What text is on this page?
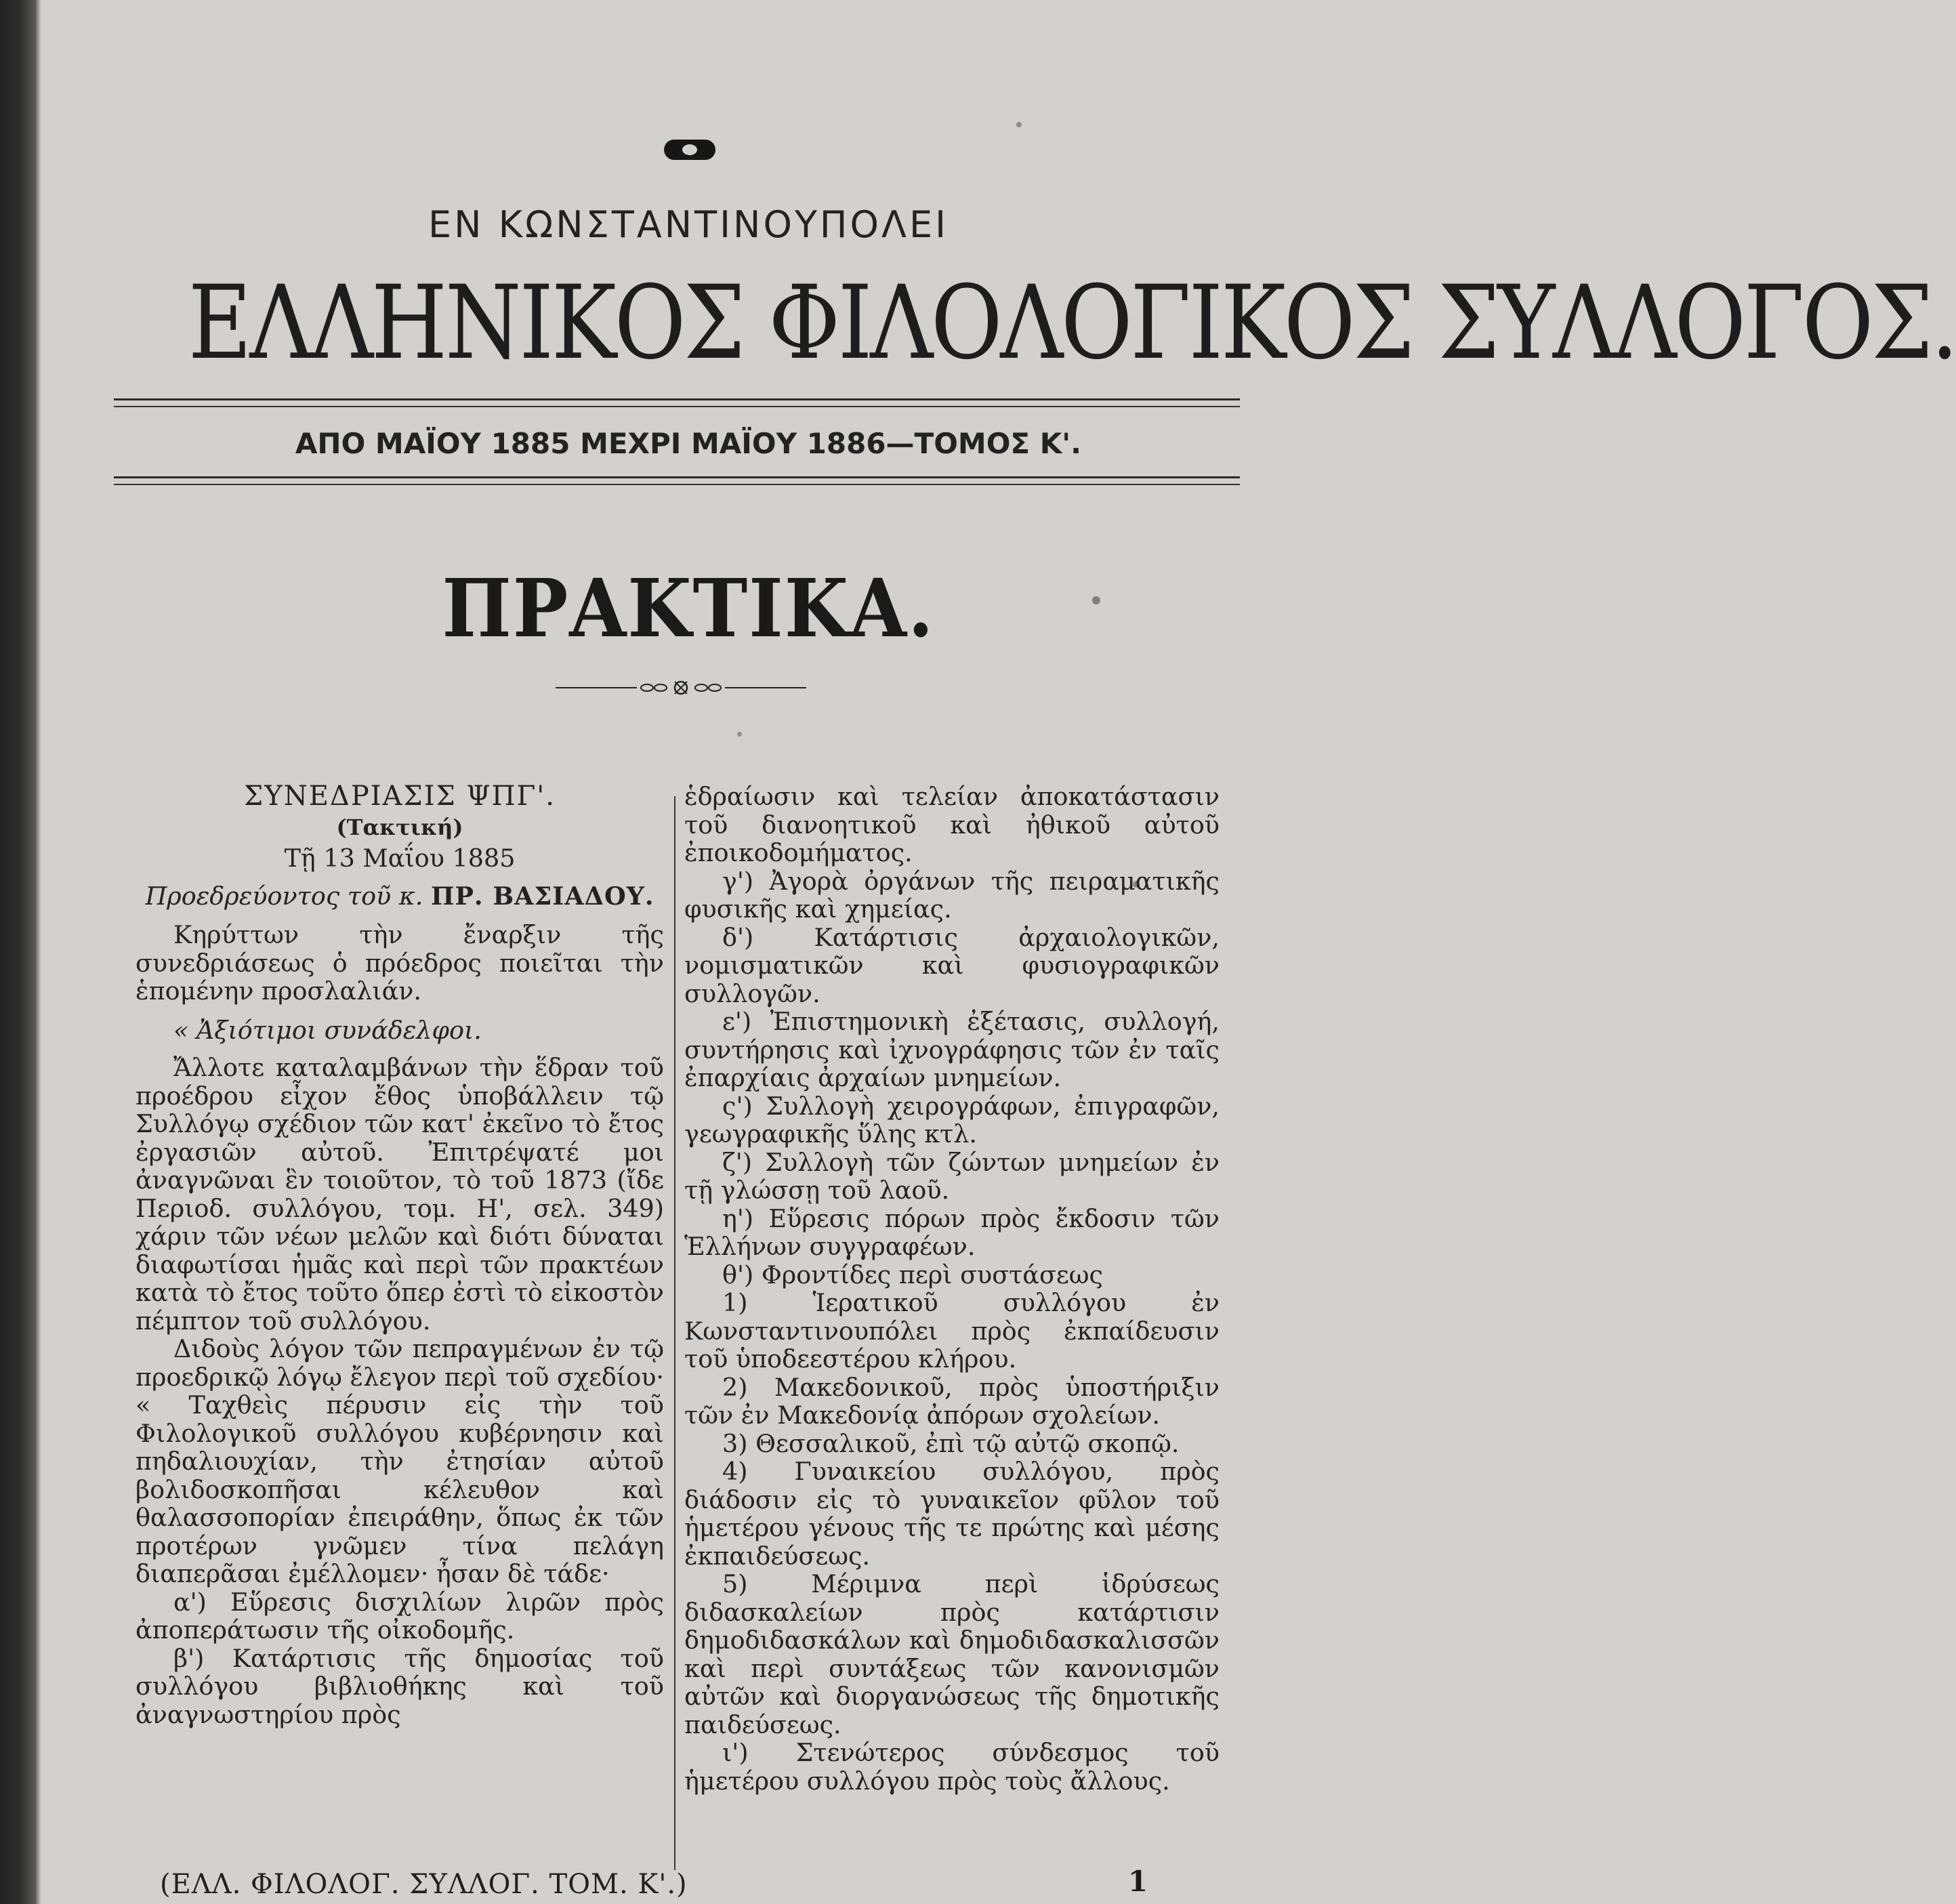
ΕΝ ΚΩΝΣΤΑΝΤΙΝΟΥΠΟΛΕΙ
ΕΛΛΗΝΙΚΟΣ ΦΙΛΟΛΟΓΙΚΟΣ ΣΥΛΛΟΓΟΣ.
ΑΠΟ ΜΑΪΟΥ 1885 ΜΕΧΡΙ ΜΑΪΟΥ 1886—ΤΟΜΟΣ Κ'.
ΠΡΑΚΤΙΚΑ.

ΣΥΝΕΔΡΙΑΣΙΣ ΨΠΓ'.

(Τακτική)

Τῇ 13 Μαΐου 1885

Προεδρεύοντος τοῦ κ. ΠΡ. ΒΑΣΙΑΔΟΥ.

Κηρύττων τὴν ἔναρξιν τῆς συνεδριάσεως ὁ πρόεδρος ποιεῖται τὴν ἑπομένην προσλαλιάν.

« Ἀξιότιμοι συνάδελφοι.

Ἄλλοτε καταλαμβάνων τὴν ἕδραν τοῦ προέδρου εἶχον ἔθος ὑποβάλλειν τῷ Συλλόγῳ σχέδιον τῶν κατ' ἐκεῖνο τὸ ἔτος ἐργασιῶν αὐτοῦ. Ἐπιτρέψατέ μοι ἀναγνῶναι ἓν τοιοῦτον, τὸ τοῦ 1873 (ἴδε Περιοδ. συλλόγου, τομ. Η', σελ. 349) χάριν τῶν νέων μελῶν καὶ διότι δύναται διαφωτίσαι ἡμᾶς καὶ περὶ τῶν πρακτέων κατὰ τὸ ἔτος τοῦτο ὅπερ ἐστὶ τὸ εἰκοστὸν πέμπτον τοῦ συλλόγου.

Διδοὺς λόγον τῶν πεπραγμένων ἐν τῷ προεδρικῷ λόγῳ ἔλεγον περὶ τοῦ σχεδίου· « Ταχθεὶς πέρυσιν εἰς τὴν τοῦ Φιλολογικοῦ συλλόγου κυβέρνησιν καὶ πηδαλιουχίαν, τὴν ἐτησίαν αὐτοῦ βολιδοσκοπῆσαι κέλευθον καὶ θαλασσοπορίαν ἐπειράθην, ὅπως ἐκ τῶν προτέρων γνῶμεν τίνα πελάγη διαπερᾶσαι ἐμέλλομεν· ἦσαν δὲ τάδε·

α') Εὕρεσις δισχιλίων λιρῶν πρὸς ἀποπεράτωσιν τῆς οἰκοδομῆς.

β') Κατάρτισις τῆς δημοσίας τοῦ συλλόγου βιβλιοθήκης καὶ τοῦ ἀναγνωστηρίου πρὸς

ἑδραίωσιν καὶ τελείαν ἀποκατάστασιν τοῦ διανοητικοῦ καὶ ἠθικοῦ αὐτοῦ ἐποικοδομήματος.

γ') Ἀγορὰ ὀργάνων τῆς πειραματικῆς φυσικῆς καὶ χημείας.

δ') Κατάρτισις ἀρχαιολογικῶν, νομισματικῶν καὶ φυσιογραφικῶν συλλογῶν.

ε') Ἐπιστημονικὴ ἐξέτασις, συλλογή, συντήρησις καὶ ἰχνογράφησις τῶν ἐν ταῖς ἐπαρχίαις ἀρχαίων μνημείων.

ς') Συλλογὴ χειρογράφων, ἐπιγραφῶν, γεωγραφικῆς ὕλης κτλ.

ζ') Συλλογὴ τῶν ζώντων μνημείων ἐν τῇ γλώσσῃ τοῦ λαοῦ.

η') Εὕρεσις πόρων πρὸς ἔκδοσιν τῶν Ἑλλήνων συγγραφέων.

θ') Φροντίδες περὶ συστάσεως

1) Ἱερατικοῦ συλλόγου ἐν Κωνσταντινουπόλει πρὸς ἐκπαίδευσιν τοῦ ὑποδεεστέρου κλήρου.

2) Μακεδονικοῦ, πρὸς ὑποστήριξιν τῶν ἐν Μακεδονίᾳ ἀπόρων σχολείων.

3) Θεσσαλικοῦ, ἐπὶ τῷ αὐτῷ σκοπῷ.

4) Γυναικείου συλλόγου, πρὸς διάδοσιν εἰς τὸ γυναικεῖον φῦλον τοῦ ἡμετέρου γένους τῆς τε πρώτης καὶ μέσης ἐκπαιδεύσεως.

5) Μέριμνα περὶ ἱδρύσεως διδασκαλείων πρὸς κατάρτισιν δημοδιδασκάλων καὶ δημοδιδασκαλισσῶν καὶ περὶ συντάξεως τῶν κανονισμῶν αὐτῶν καὶ διοργανώσεως τῆς δημοτικῆς παιδεύσεως.

ι') Στενώτερος σύνδεσμος τοῦ ἡμετέρου συλλόγου πρὸς τοὺς ἄλλους.

(ΕΛΛ. ΦΙΛΟΛΟΓ. ΣΥΛΛΟΓ. ΤΟΜ. Κ'.)	1
